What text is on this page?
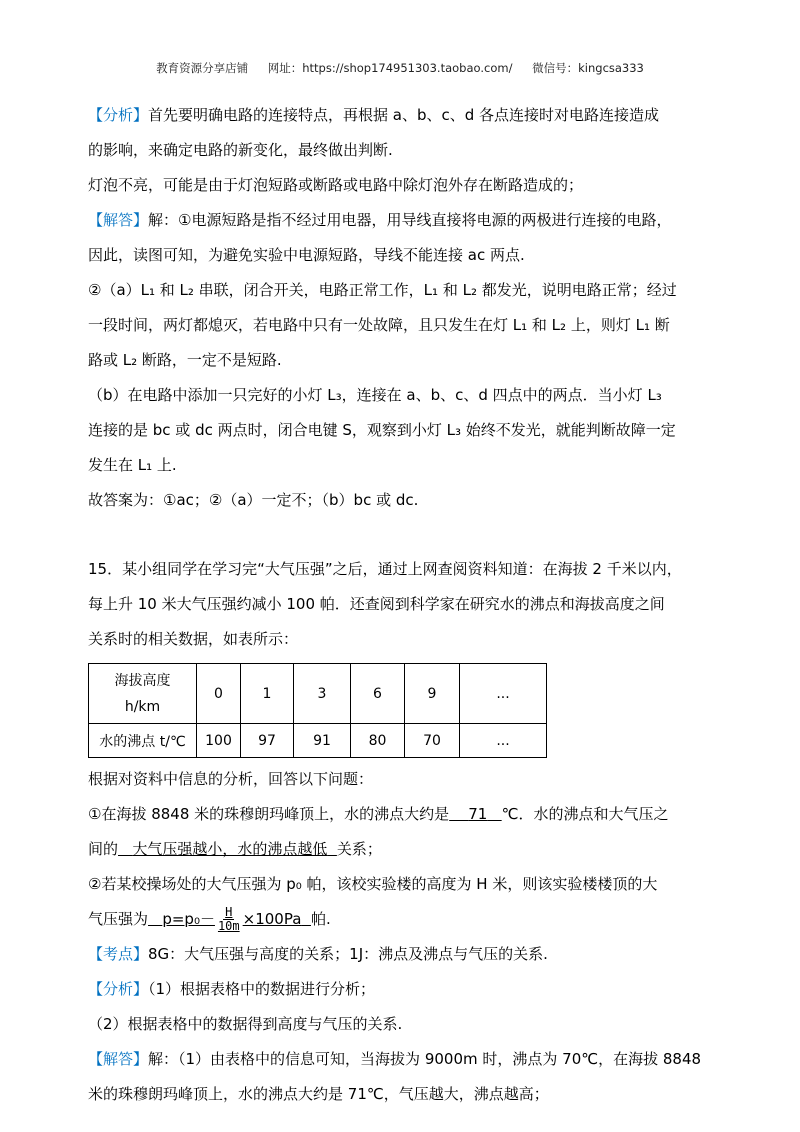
教育资源分享店铺 网址：https://shop174951303.taobao.com/ 微信号：kingcsa333
【分析】首先要明确电路的连接特点，再根据 a、b、c、d 各点连接时对电路连接造成
的影响，来确定电路的新变化，最终做出判断.
灯泡不亮，可能是由于灯泡短路或断路或电路中除灯泡外存在断路造成的；
【解答】解：①电源短路是指不经过用电器，用导线直接将电源的两极进行连接的电路，
因此，读图可知，为避免实验中电源短路，导线不能连接 ac 两点.
②（a）L₁ 和 L₂ 串联，闭合开关，电路正常工作，L₁ 和 L₂ 都发光，说明电路正常；经过
一段时间，两灯都熄灭，若电路中只有一处故障，且只发生在灯 L₁ 和 L₂ 上，则灯 L₁ 断
路或 L₂ 断路，一定不是短路.
（b）在电路中添加一只完好的小灯 L₃，连接在 a、b、c、d 四点中的两点．当小灯 L₃
连接的是 bc 或 dc 两点时，闭合电键 S，观察到小灯 L₃ 始终不发光，就能判断故障一定
发生在 L₁ 上.
故答案为：①ac；②（a）一定不；（b）bc 或 dc.
15．某小组同学在学习完“大气压强”之后，通过上网查阅资料知道：在海拔 2 千米以内，
每上升 10 米大气压强约减小 100 帕．还查阅到科学家在研究水的沸点和海拔高度之间
关系时的相关数据，如表所示：
海拔高度
h/km	0	1	3	6	9	...
水的沸点 t/℃	100	97	91	80	70	...
根据对资料中信息的分析，回答以下问题：
①在海拔 8848 米的珠穆朗玛峰顶上，水的沸点大约是 71 ℃．水的沸点和大气压之
间的 大气压强越小，水的沸点越低 关系；
②若某校操场处的大气压强为 p₀ 帕，该校实验楼的高度为 H 米，则该实验楼楼顶的大
气压强为 $p=p_0- \frac{H}{10m} \times 100Pa$ 帕.
【考点】8G：大气压强与高度的关系；1J：沸点及沸点与气压的关系.
【分析】（1）根据表格中的数据进行分析；
（2）根据表格中的数据得到高度与气压的关系.
【解答】解：（1）由表格中的信息可知，当海拔为 9000m 时，沸点为 70℃，在海拔 8848
米的珠穆朗玛峰顶上，水的沸点大约是 71℃，气压越大，沸点越高；
